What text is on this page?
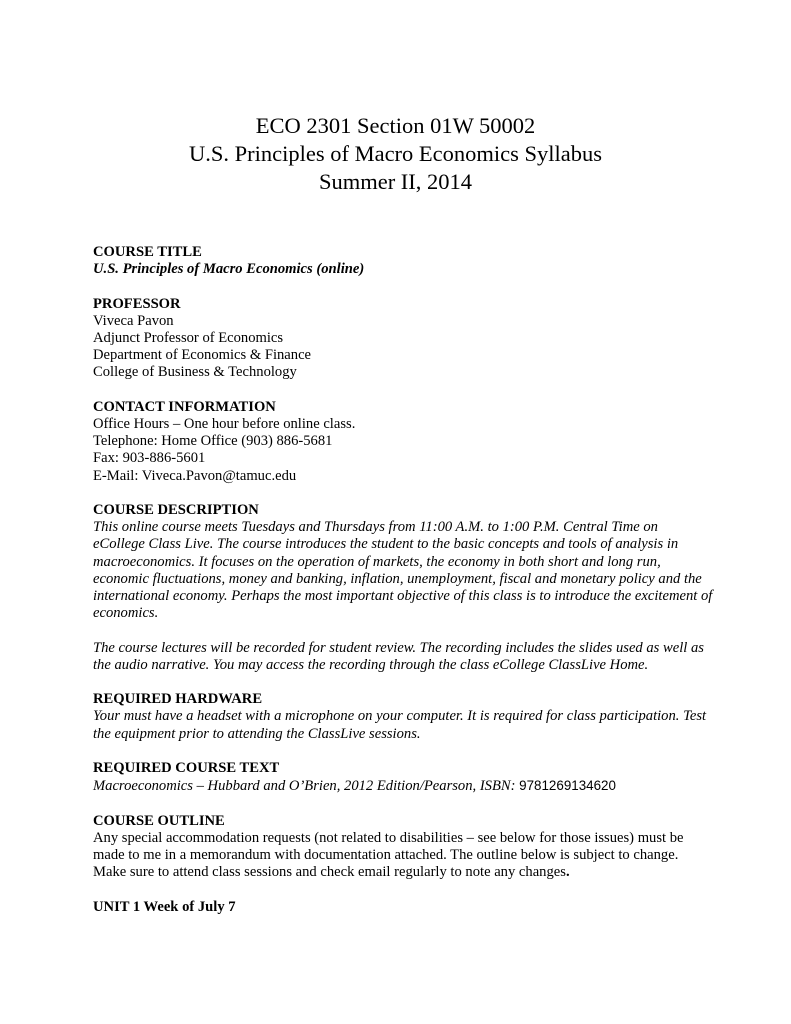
ECO 2301 Section 01W 50002
U.S. Principles of Macro Economics Syllabus
Summer II, 2014
COURSE TITLE
U.S. Principles of Macro Economics (online)
PROFESSOR
Viveca Pavon
Adjunct Professor of Economics
Department of Economics & Finance
College of Business & Technology
CONTACT INFORMATION
Office Hours – One hour before online class.
Telephone: Home Office (903) 886-5681
Fax: 903-886-5601
E-Mail: Viveca.Pavon@tamuc.edu
COURSE DESCRIPTION

This online course meets Tuesdays and Thursdays from 11:00 A.M. to 1:00 P.M. Central Time on eCollege Class Live. The course introduces the student to the basic concepts and tools of analysis in macroeconomics. It focuses on the operation of markets, the economy in both short and long run, economic fluctuations, money and banking, inflation, unemployment, fiscal and monetary policy and the international economy. Perhaps the most important objective of this class is to introduce the excitement of economics.

The course lectures will be recorded for student review. The recording includes the slides used as well as the audio narrative. You may access the recording through the class eCollege ClassLive Home.

REQUIRED HARDWARE
Your must have a headset with a microphone on your computer. It is required for class participation. Test the equipment prior to attending the ClassLive sessions.
REQUIRED COURSE TEXT
Macroeconomics – Hubbard and O’Brien, 2012 Edition/Pearson, ISBN: 9781269134620
COURSE OUTLINE
Any special accommodation requests (not related to disabilities – see below for those issues) must be made to me in a memorandum with documentation attached. The outline below is subject to change. Make sure to attend class sessions and check email regularly to note any changes.
UNIT 1 Week of July 7
